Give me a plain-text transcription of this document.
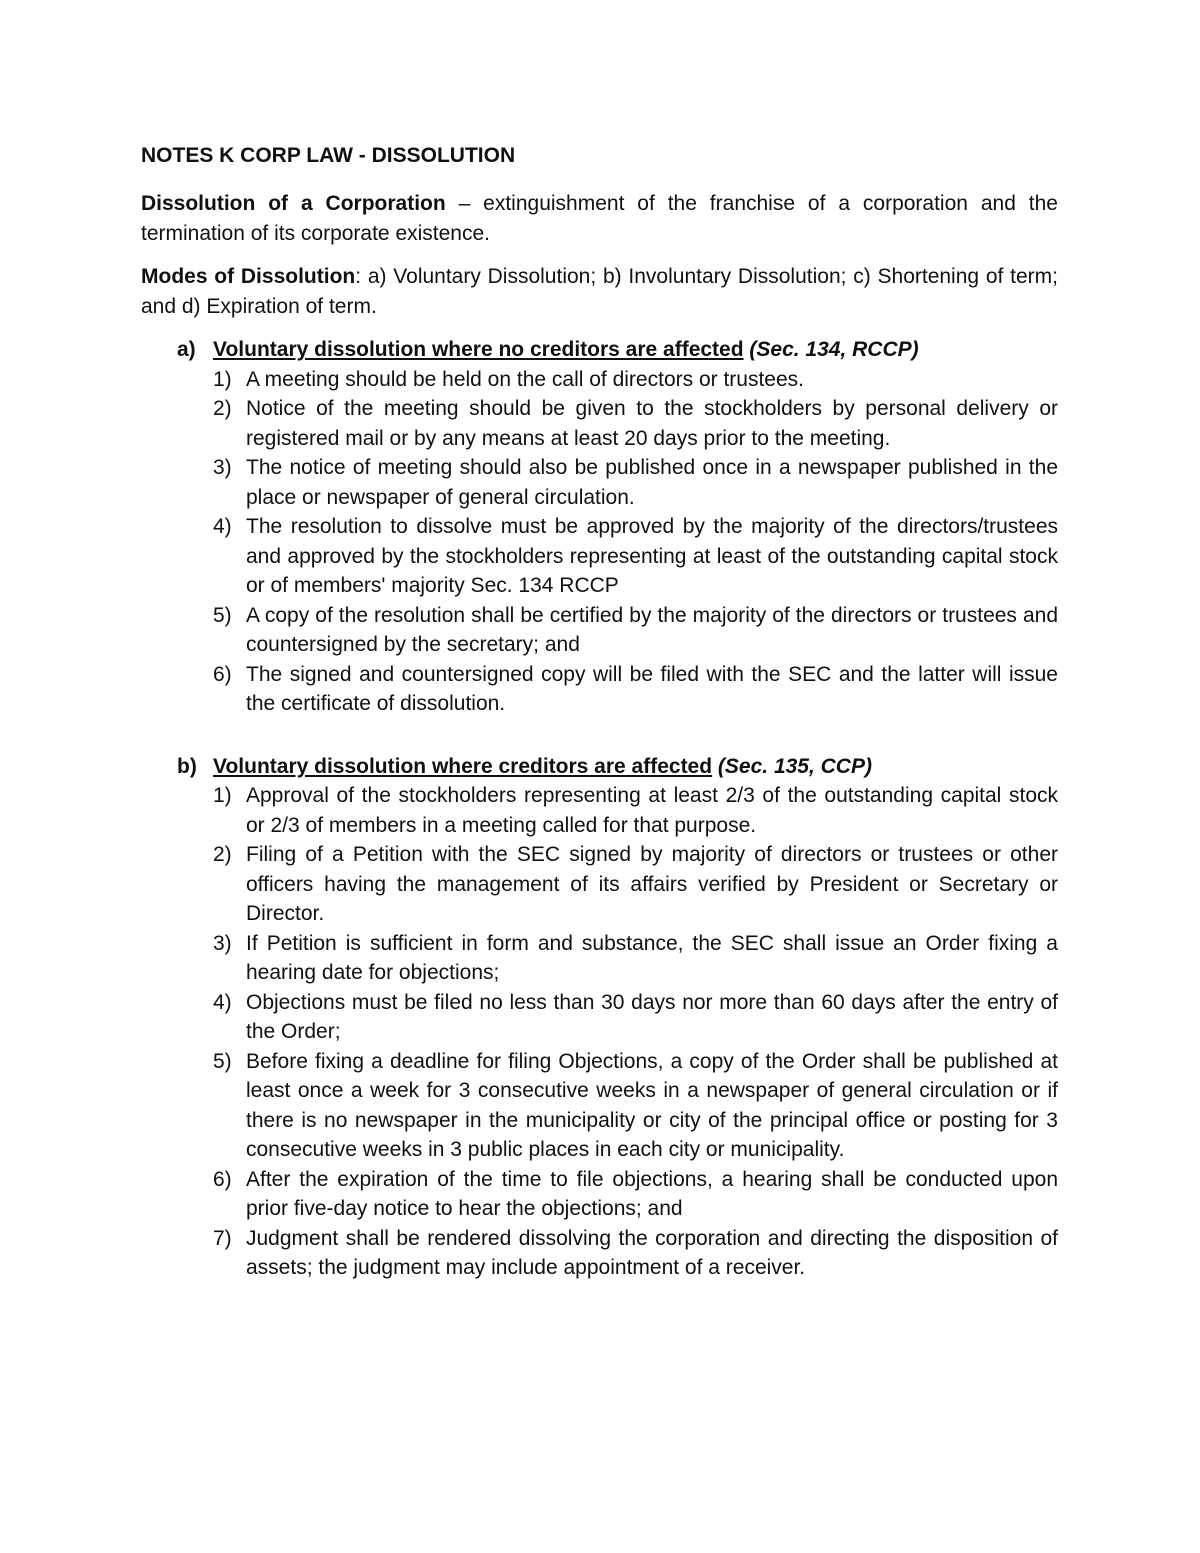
NOTES K CORP LAW - DISSOLUTION
Dissolution of a Corporation – extinguishment of the franchise of a corporation and the termination of its corporate existence.
Modes of Dissolution: a) Voluntary Dissolution; b) Involuntary Dissolution; c) Shortening of term; and d) Expiration of term.
a) Voluntary dissolution where no creditors are affected (Sec. 134, RCCP)
1) A meeting should be held on the call of directors or trustees.
2) Notice of the meeting should be given to the stockholders by personal delivery or registered mail or by any means at least 20 days prior to the meeting.
3) The notice of meeting should also be published once in a newspaper published in the place or newspaper of general circulation.
4) The resolution to dissolve must be approved by the majority of the directors/trustees and approved by the stockholders representing at least of the outstanding capital stock or of members' majority Sec. 134 RCCP
5) A copy of the resolution shall be certified by the majority of the directors or trustees and countersigned by the secretary; and
6) The signed and countersigned copy will be filed with the SEC and the latter will issue the certificate of dissolution.
b) Voluntary dissolution where creditors are affected (Sec. 135, CCP)
1) Approval of the stockholders representing at least 2/3 of the outstanding capital stock or 2/3 of members in a meeting called for that purpose.
2) Filing of a Petition with the SEC signed by majority of directors or trustees or other officers having the management of its affairs verified by President or Secretary or Director.
3) If Petition is sufficient in form and substance, the SEC shall issue an Order fixing a hearing date for objections;
4) Objections must be filed no less than 30 days nor more than 60 days after the entry of the Order;
5) Before fixing a deadline for filing Objections, a copy of the Order shall be published at least once a week for 3 consecutive weeks in a newspaper of general circulation or if there is no newspaper in the municipality or city of the principal office or posting for 3 consecutive weeks in 3 public places in each city or municipality.
6) After the expiration of the time to file objections, a hearing shall be conducted upon prior five-day notice to hear the objections; and
7) Judgment shall be rendered dissolving the corporation and directing the disposition of assets; the judgment may include appointment of a receiver.
